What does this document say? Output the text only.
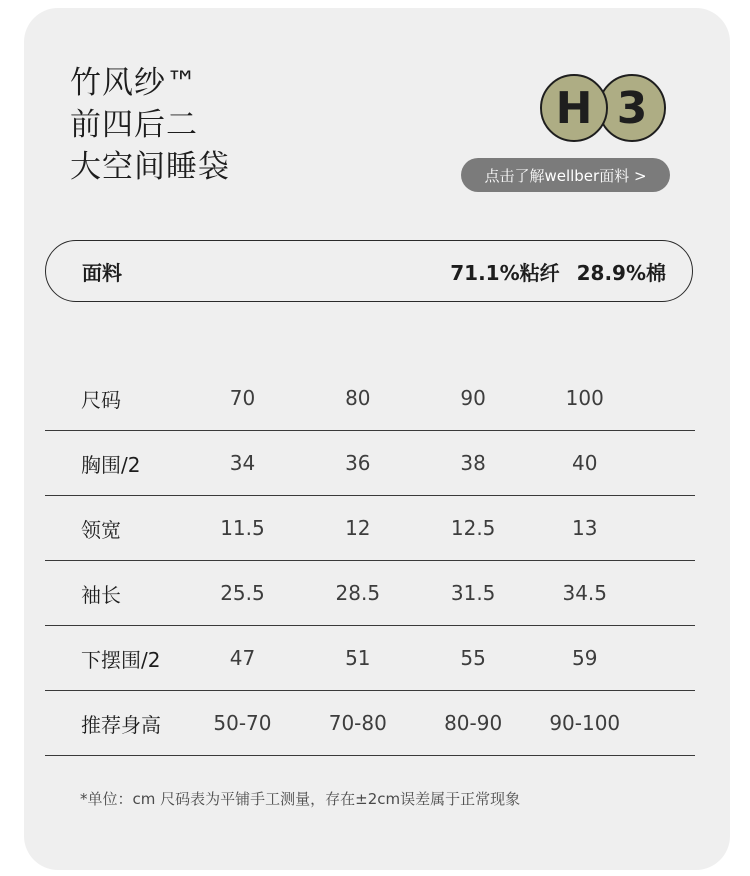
竹风纱™
前四后二
大空间睡袋
H 3
点击了解wellber面料 >
面料	71.1%粘纤 28.9%棉
尺码	70	80	90	100	
胸围/2	34	36	38	40	
领宽	11.5	12	12.5	13	
袖长	25.5	28.5	31.5	34.5	
下摆围/2	47	51	55	59	
推荐身高	50-70	70-80	80-90	90-100	
*单位：cm 尺码表为平铺手工测量，存在±2cm误差属于正常现象
